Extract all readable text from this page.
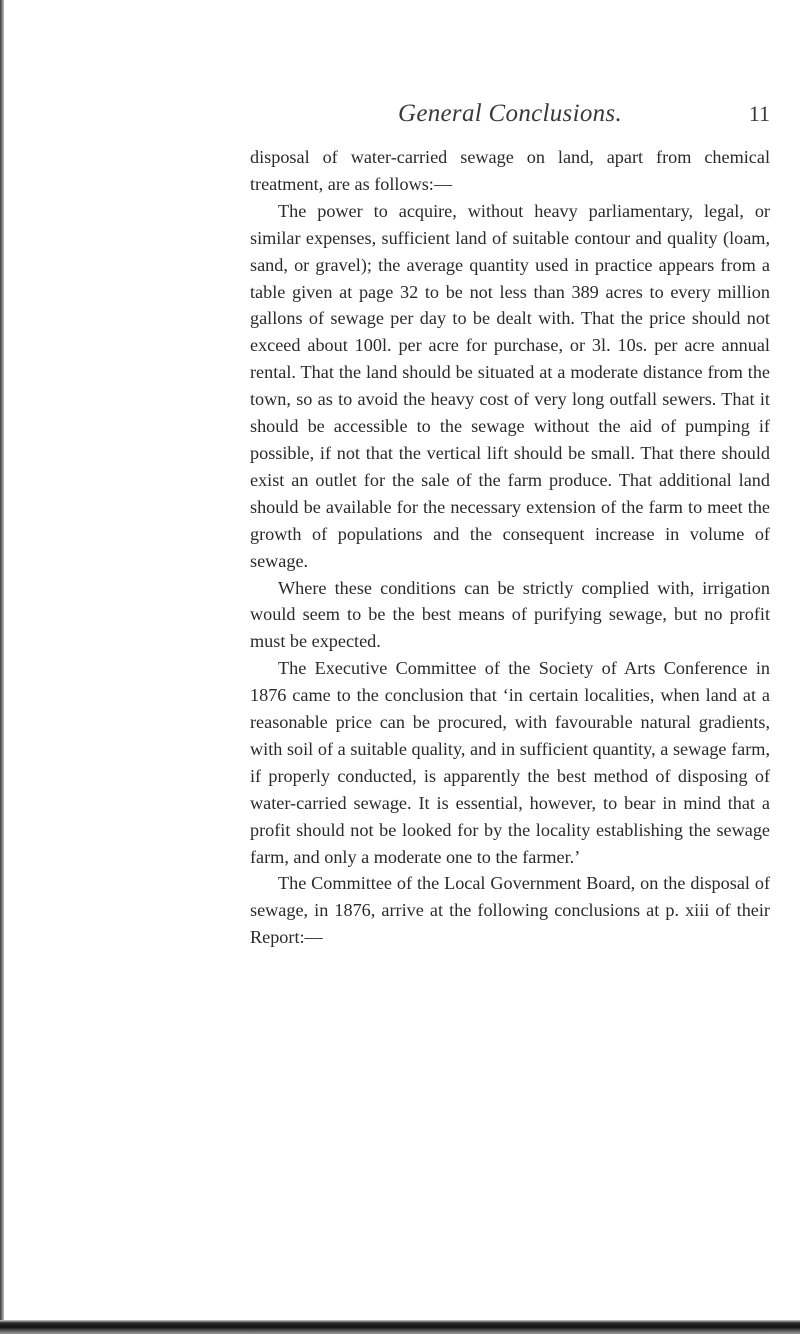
General Conclusions.	11

disposal of water-carried sewage on land, apart from chemical treatment, are as follows:—

The power to acquire, without heavy parliamentary, legal, or similar expenses, sufficient land of suitable contour and quality (loam, sand, or gravel); the average quantity used in practice appears from a table given at page 32 to be not less than 389 acres to every million gallons of sewage per day to be dealt with. That the price should not exceed about 100l. per acre for purchase, or 3l. 10s. per acre annual rental. That the land should be situated at a moderate distance from the town, so as to avoid the heavy cost of very long outfall sewers. That it should be accessible to the sewage without the aid of pumping if possible, if not that the vertical lift should be small. That there should exist an outlet for the sale of the farm produce. That additional land should be available for the necessary extension of the farm to meet the growth of populations and the consequent increase in volume of sewage.

Where these conditions can be strictly complied with, irrigation would seem to be the best means of purifying sewage, but no profit must be expected.

The Executive Committee of the Society of Arts Conference in 1876 came to the conclusion that ‘in certain localities, when land at a reasonable price can be procured, with favourable natural gradients, with soil of a suitable quality, and in sufficient quantity, a sewage farm, if properly conducted, is apparently the best method of disposing of water-carried sewage. It is essential, however, to bear in mind that a profit should not be looked for by the locality establishing the sewage farm, and only a moderate one to the farmer.’

The Committee of the Local Government Board, on the disposal of sewage, in 1876, arrive at the following conclusions at p. xiii of their Report:—
